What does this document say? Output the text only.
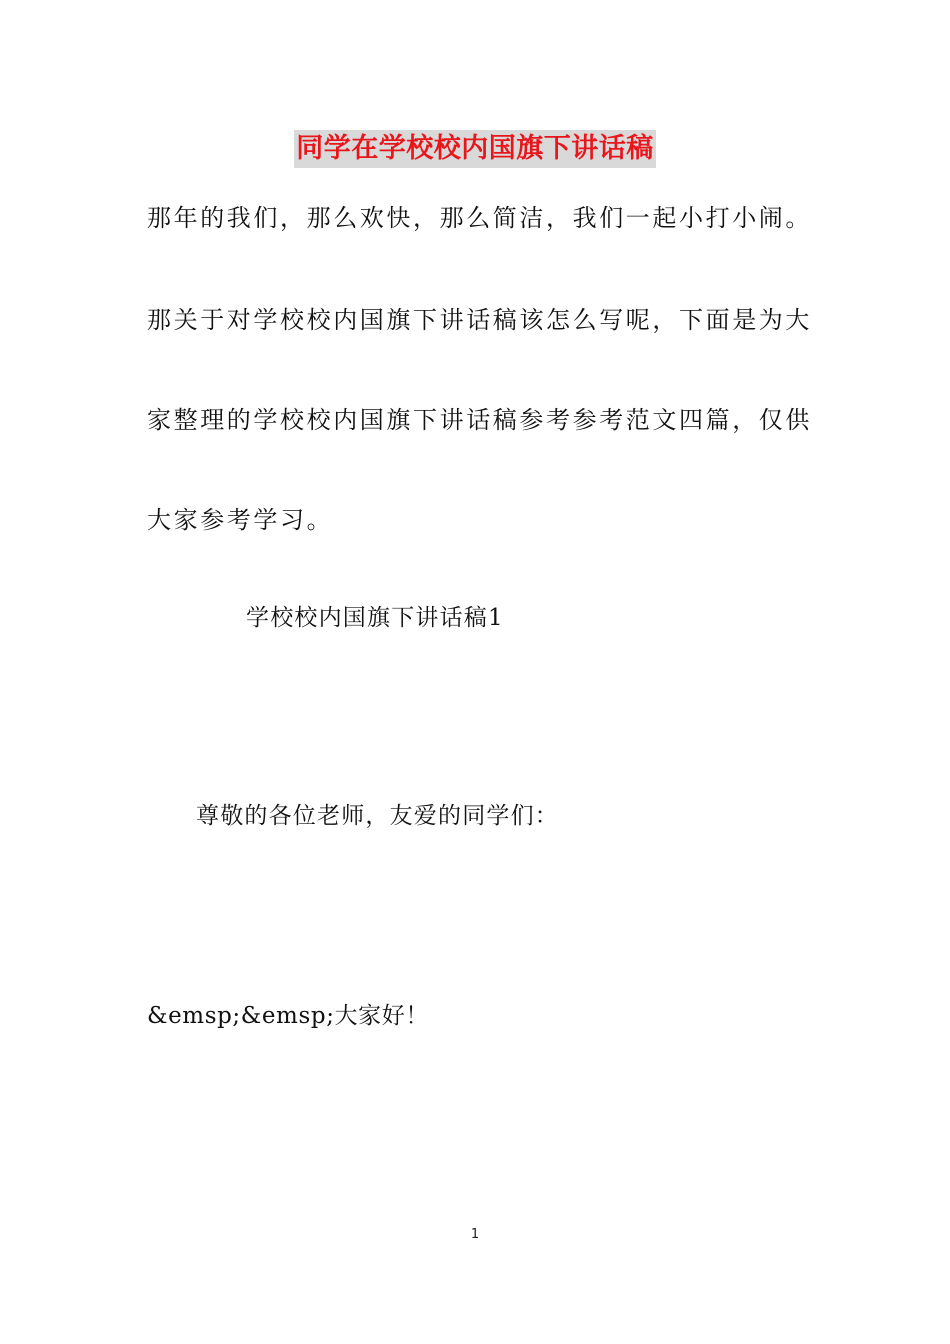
同学在学校校内国旗下讲话稿
那年的我们，那么欢快，那么简洁，我们一起小打小闹。
那关于对学校校内国旗下讲话稿该怎么写呢，下面是为大
家整理的学校校内国旗下讲话稿参考参考范文四篇，仅供
大家参考学习。
学校校内国旗下讲话稿1
尊敬的各位老师，友爱的同学们：
&emsp;&emsp;大家好！
1
